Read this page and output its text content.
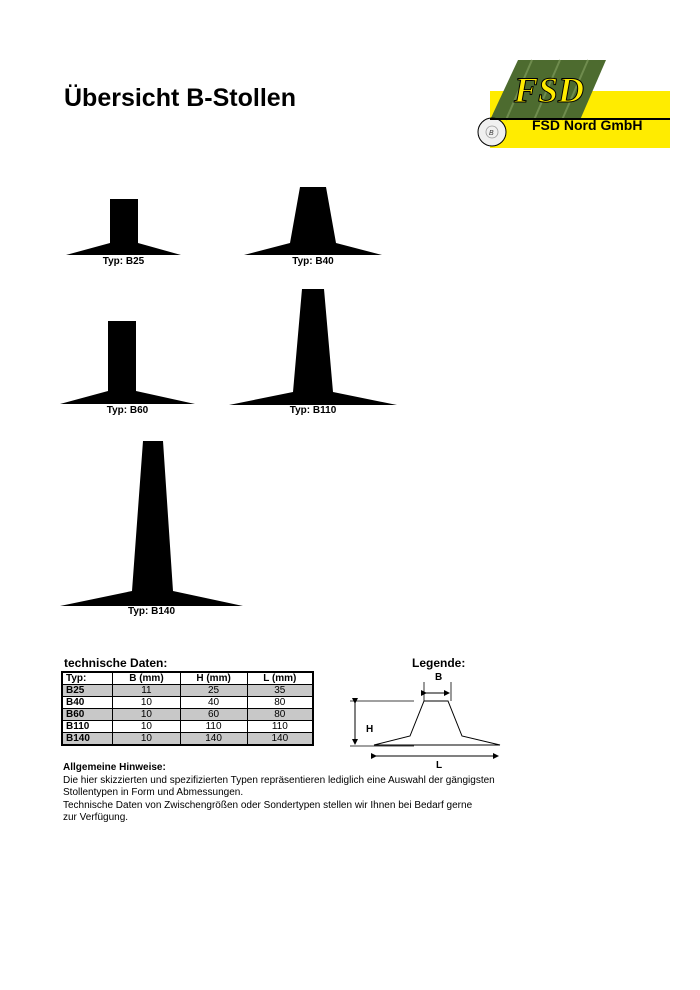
Übersicht B-Stollen	FSD
B
FSD Nord GmbH
Typ: B25	Typ: B40
Typ: B60	Typ: B110
Typ: B140
technische Daten:	Legende:
Typ:	B (mm)	H (mm)	L (mm)
B25	11	25	35
B40	10	40	80
B60	10	60	80
B110	10	110	110
B140	10	140	140
B
H
L
Allgemeine Hinweise:
Die hier skizzierten und spezifizierten Typen repräsentieren lediglich eine Auswahl der gängigsten
Stollentypen in Form und Abmessungen.
Technische Daten von Zwischengrößen oder Sondertypen stellen wir Ihnen bei Bedarf gerne
zur Verfügung.
